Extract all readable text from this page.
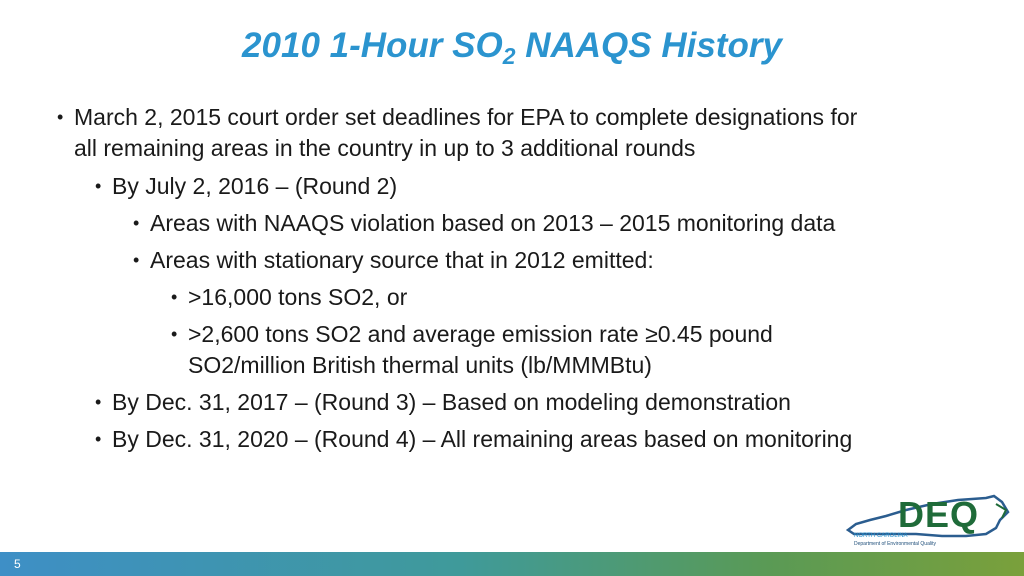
2010 1-Hour $SO_2$ NAAQS History

• March 2, 2015 court order set deadlines for EPA to complete designations for
all remaining areas in the country in up to 3 additional rounds

• By July 2, 2016 – (Round 2)

• Areas with NAAQS violation based on 2013 – 2015 monitoring data

• Areas with stationary source that in 2012 emitted:

• >16,000 tons SO2, or

• >2,600 tons SO2 and average emission rate ≥0.45 pound
SO2/million British thermal units (lb/MMMBtu)

• By Dec. 31, 2017 – (Round 3) – Based on modeling demonstration

• By Dec. 31, 2020 – (Round 4) – All remaining areas based on monitoring

DEQ
NORTH CAROLINA
Department of Environmental Quality
5
